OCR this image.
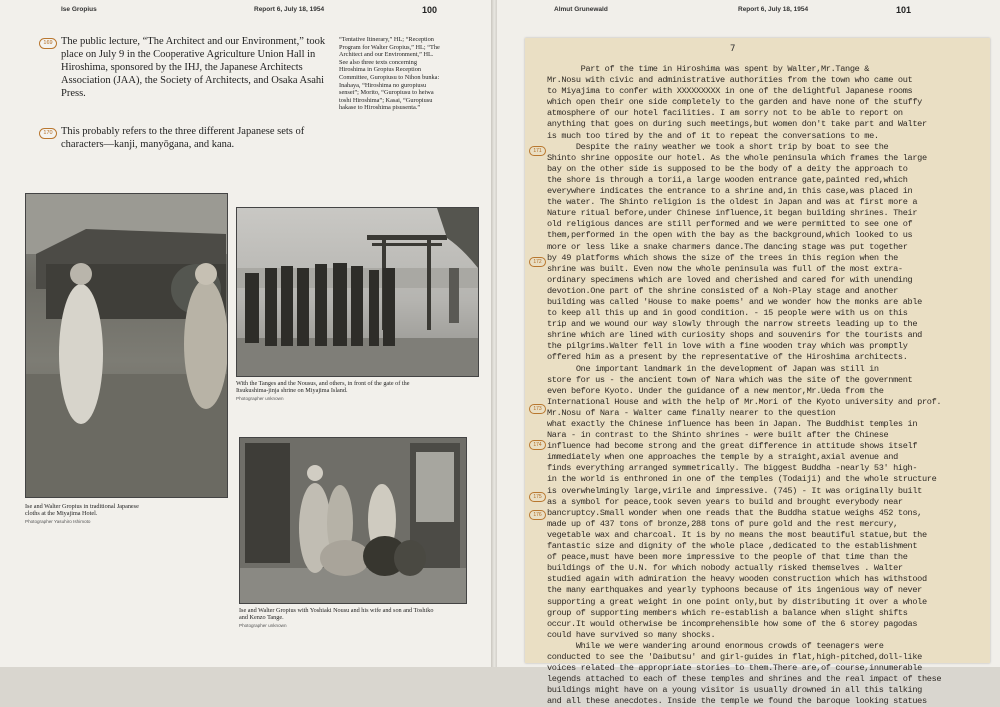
Ise Gropius	Report 6, July 18, 1954	100
169 The public lecture, “The Architect and our Environment,” took place on July 9 in the Cooperative Agriculture Union Hall in Hiroshima, sponsored by the IHJ, the Japanese Architects Association (JAA), the Society of Architects, and Osaka Asahi Press.
“Tentative Itinerary,” HL; “Reception Program for Walter Gropius,” HL; “The Architect and our Environment,” HL. See also three texts concerning Hiroshima in Gropius Reception Committee, Guropiusu to Nihon bunka: Inahaya, “Hiroshima no guropiusu sensei”; Morito, “Guropiusu to heiwa toshi Hiroshima”; Kasai, “Guropiusu hakase to Hiroshima pisusenta.”
170 This probably refers to the three different Japanese sets of characters—kanji, manyōgana, and kana.
Ise and Walter Gropius in traditional Japanese cloths at the Miyajima Hotel.
Photographer Yasuhiro Ishimoto
With the Tanges and the Nousus, and others, in front of the gate of the Itsukushima-jinja shrine on Miyajima Island.
Photographer unknown
Ise and Walter Gropius with Yoshiaki Nousu and his wife and son and Toshiko and Kenzo Tange.
Photographer unknown
Almut Grunewald	Report 6, July 18, 1954	101
7
Part of the time in Hiroshima was spent by Walter,Mr.Tange &
Mr.Nosu with civic and administrative authorities from the town who came out
to Miyajima to confer with XXXXXXXXX in one of the delightful Japanese rooms
which open their one side completely to the garden and have none of the stuffy
atmosphere of our hotel facilities. I am sorry not to be able to report on
anything that goes on during such meetings,but women don't take part and Walter
is much too tired by the and of it to repeat the conversations to me.
Despite the rainy weather we took a short trip by boat to see the
Shinto shrine opposite our hotel. As the whole peninsula which frames the large
bay on the other side is supposed to be the body of a deity the approach to
the shore is through a torii,a large wooden entrance gate,painted red,which
everywhere indicates the entrance to a shrine and,in this case,was placed in
the water. The Shinto religion is the oldest in Japan and was at first more a
Nature ritual before,under Chinese influence,it began building shrines. Their
old religious dances are still performed and we were permitted to see one of
them,performed in the open with the bay as the background,which looked to us
more or less like a snake charmers dance.The dancing stage was put together
by 49 platforms which shows the size of the trees in this region when the
shrine was built. Even now the whole peninsula was full of the most extra-
ordinary specimens which are loved and cherished and cared for with unending
devotion.One part of the shrine consisted of a Noh-Play stage and another
building was called 'House to make poems' and we wonder how the monks are able
to keep all this up and in good condition. - 15 people were with us on this
trip and we wound our way slowly through the narrow streets leading up to the
shrine which are lined with curiosity shops and souvenirs for the tourists and
the pilgrims.Walter fell in love with a fine wooden tray which was promptly
offered him as a present by the representative of the Hiroshima architects.
One important landmark in the development of Japan was still in
store for us - the ancient town of Nara which was the site of the government
even before Kyoto. Under the guidance of a new mentor,Mr.Ueda from the
International House and with the help of Mr.Mori of the Kyoto university and prof.
Mr.Nosu of Nara - Walter came finally nearer to the question
what exactly the Chinese influence has been in Japan. The Buddhist temples in
Nara - in contrast to the Shinto shrines - were built after the Chinese
influence had become strong and the great difference in attitude shows itself
immediately when one approaches the temple by a straight,axial avenue and
finds everything arranged symmetrically. The biggest Buddha -nearly 53' high-
in the world is enthroned in one of the temples (Todaiji) and the whole structure
is overwhelmingly large,virile and impressive. (745) - It was originally built
as a symbol for peace,took seven years to build and brought everybody near
bancruptcy.Small wonder when one reads that the Buddha statue weighs 452 tons,
made up of 437 tons of bronze,288 tons of pure gold and the rest mercury,
vegetable wax and charcoal. It is by no means the most beautiful statue,but the
fantastic size and dignity of the whole place ,dedicated to the establishment
of peace,must have been more impressive to the people of that time than the
buildings of the U.N. for which nobody actually risked themselves . Walter
studied again with admiration the heavy wooden construction which has withstood
the many earthquakes and yearly typhoons because of its ingenious way of never
supporting a great weight in one point only,but by distributing it over a whole
group of supporting members which re-establish a balance when slight shifts
occur.It would otherwise be incomprehensible how some of the 6 storey pagodas
could have survived so many shocks.
While we were wandering around enormous crowds of teenagers were
conducted to see the 'Daibutsu' and girl-guides in flat,high-pitched,doll-like
voices related the appropriate stories to them.There are,of course,innumerable
legends attached to each of these temples and shrines and the real impact of these
buildings might have on a young visitor is usually drowned in all this talking
and all these anecdotes. Inside the temple we found the baroque looking statues
171
172
173
174
175
176
